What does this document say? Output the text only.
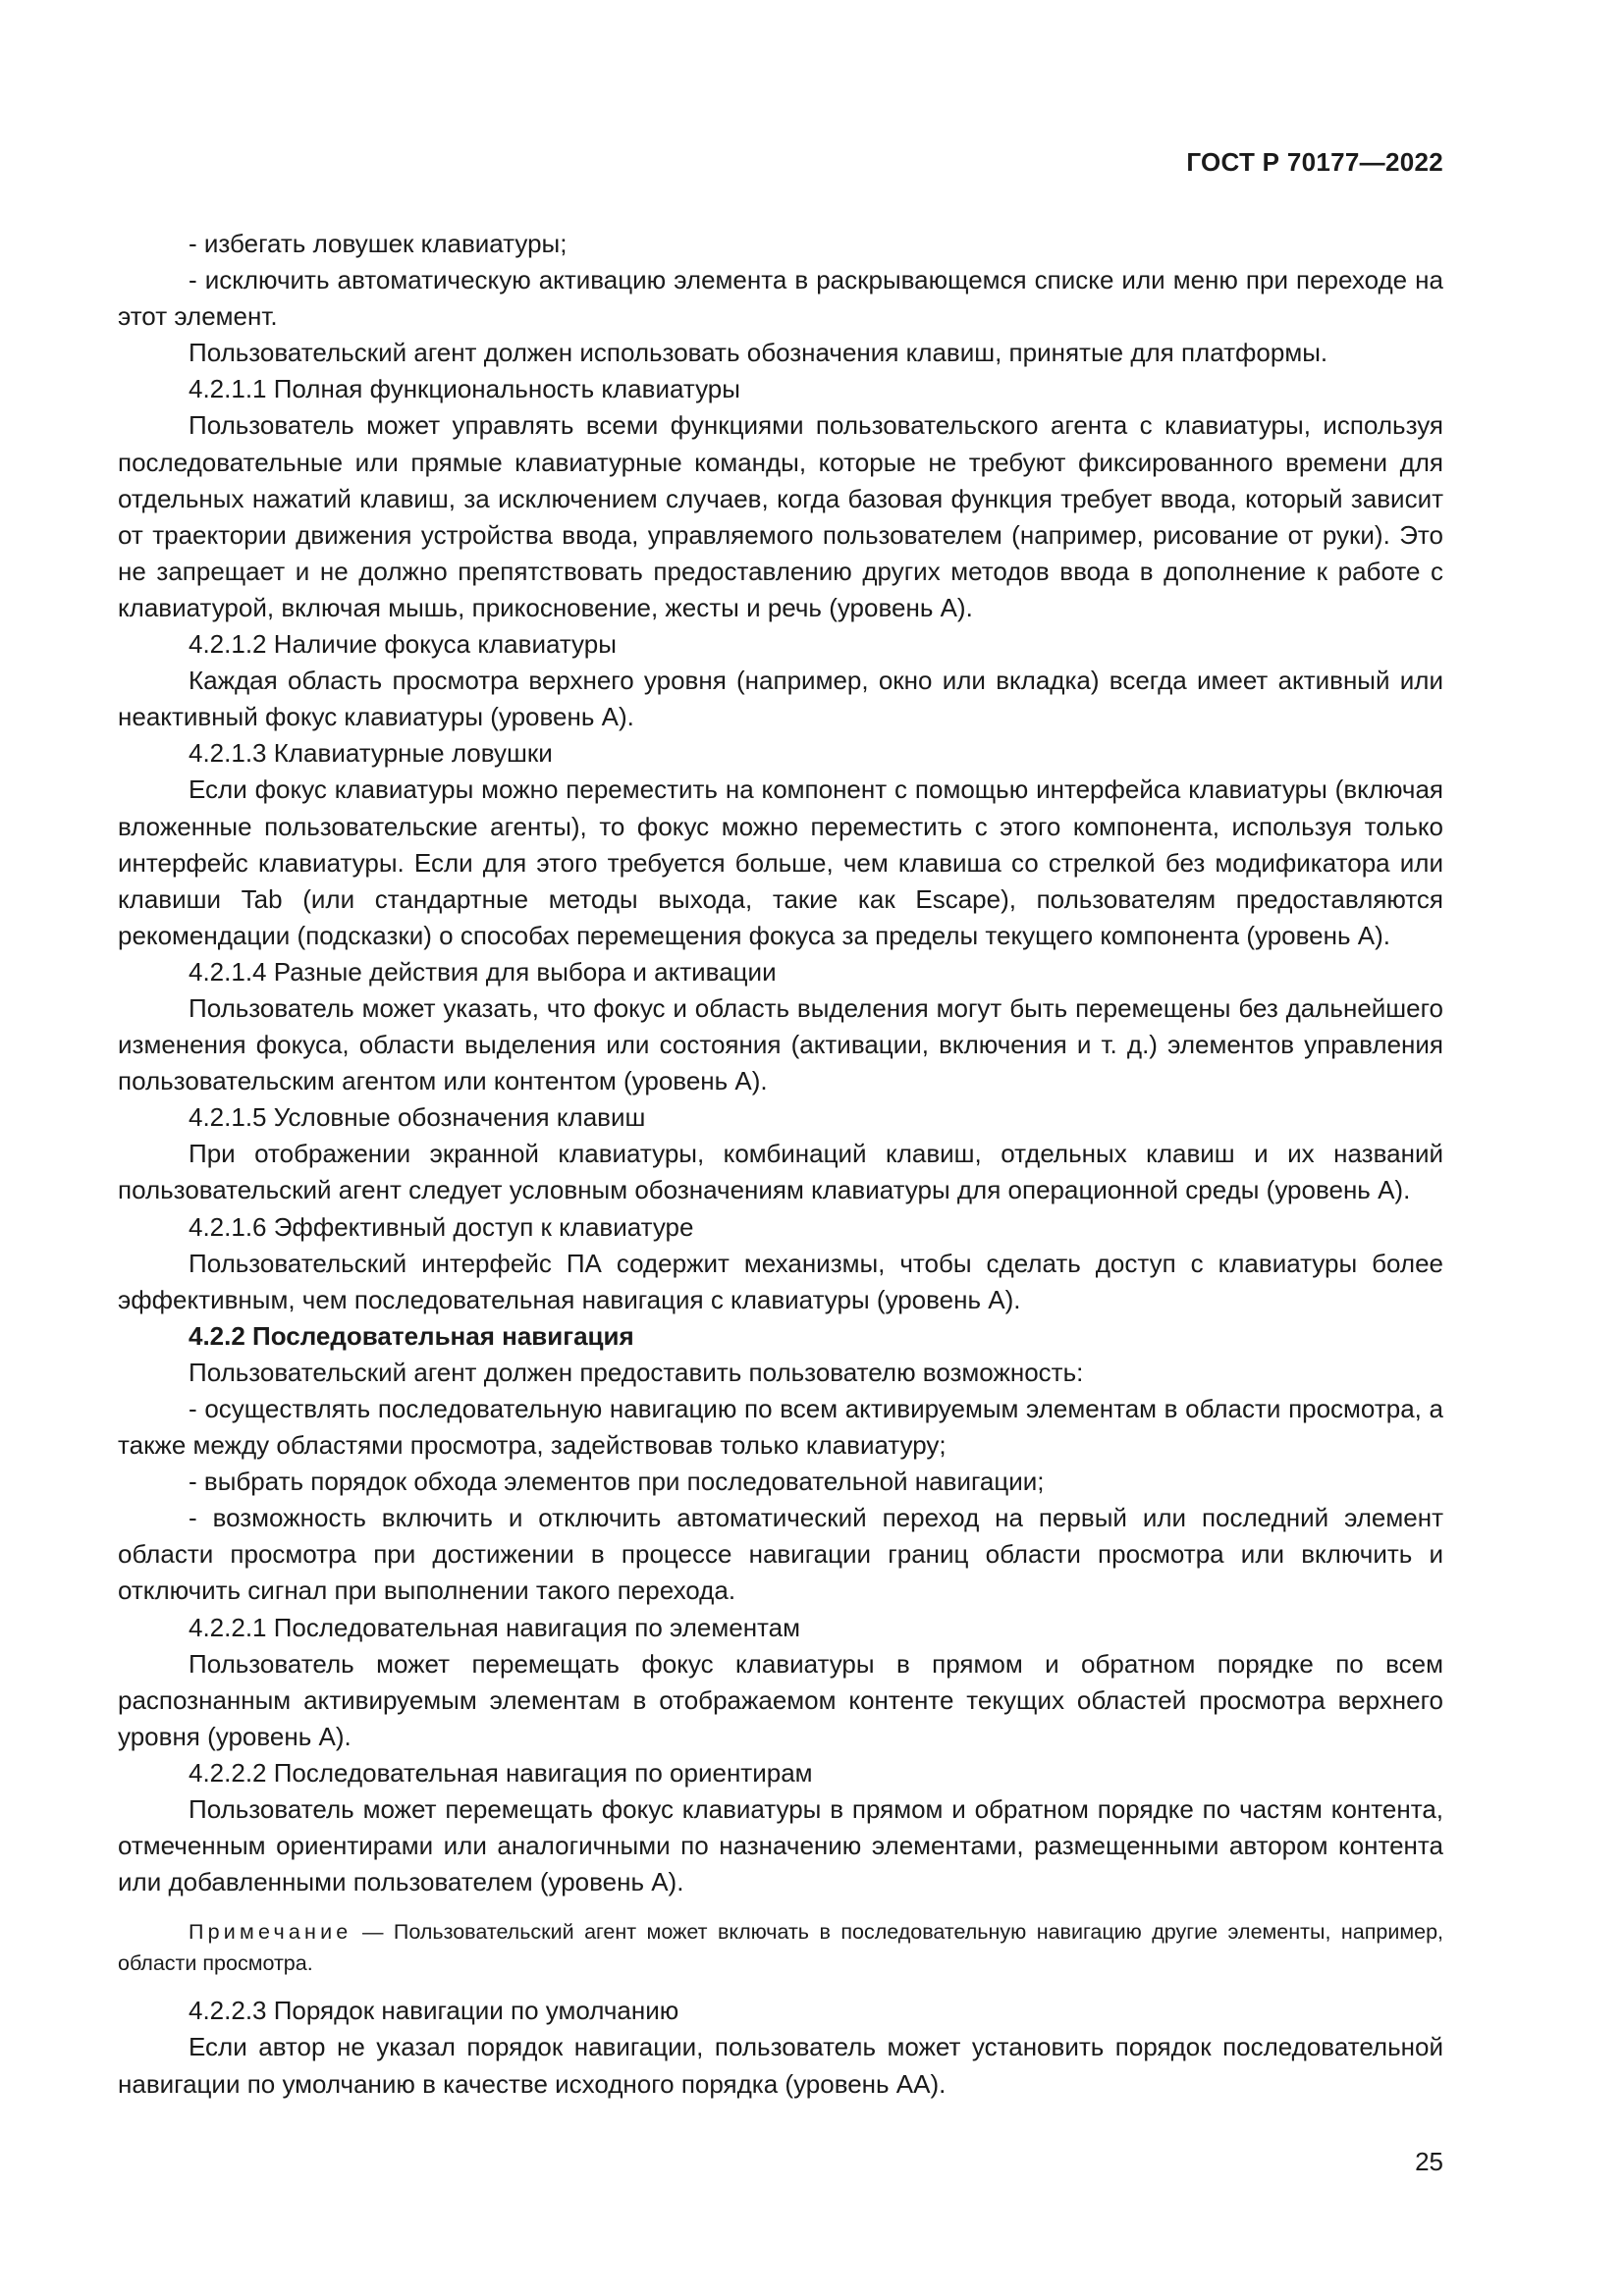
ГОСТ Р 70177—2022

- избегать ловушек клавиатуры;

- исключить автоматическую активацию элемента в раскрывающемся списке или меню при переходе на этот элемент.

Пользовательский агент должен использовать обозначения клавиш, принятые для платформы.

4.2.1.1 Полная функциональность клавиатуры

Пользователь может управлять всеми функциями пользовательского агента с клавиатуры, используя последовательные или прямые клавиатурные команды, которые не требуют фиксированного времени для отдельных нажатий клавиш, за исключением случаев, когда базовая функция требует ввода, который зависит от траектории движения устройства ввода, управляемого пользователем (например, рисование от руки). Это не запрещает и не должно препятствовать предоставлению других методов ввода в дополнение к работе с клавиатурой, включая мышь, прикосновение, жесты и речь (уровень А).

4.2.1.2 Наличие фокуса клавиатуры

Каждая область просмотра верхнего уровня (например, окно или вкладка) всегда имеет активный или неактивный фокус клавиатуры (уровень А).

4.2.1.3 Клавиатурные ловушки

Если фокус клавиатуры можно переместить на компонент с помощью интерфейса клавиатуры (включая вложенные пользовательские агенты), то фокус можно переместить с этого компонента, используя только интерфейс клавиатуры. Если для этого требуется больше, чем клавиша со стрелкой без модификатора или клавиши Tab (или стандартные методы выхода, такие как Escape), пользователям предоставляются рекомендации (подсказки) о способах перемещения фокуса за пределы текущего компонента (уровень А).

4.2.1.4 Разные действия для выбора и активации

Пользователь может указать, что фокус и область выделения могут быть перемещены без дальнейшего изменения фокуса, области выделения или состояния (активации, включения и т. д.) элементов управления пользовательским агентом или контентом (уровень А).

4.2.1.5 Условные обозначения клавиш

При отображении экранной клавиатуры, комбинаций клавиш, отдельных клавиш и их названий пользовательский агент следует условным обозначениям клавиатуры для операционной среды (уровень А).

4.2.1.6 Эффективный доступ к клавиатуре

Пользовательский интерфейс ПА содержит механизмы, чтобы сделать доступ с клавиатуры более эффективным, чем последовательная навигация с клавиатуры (уровень А).

4.2.2 Последовательная навигация

Пользовательский агент должен предоставить пользователю возможность:

- осуществлять последовательную навигацию по всем активируемым элементам в области просмотра, а также между областями просмотра, задействовав только клавиатуру;

- выбрать порядок обхода элементов при последовательной навигации;

- возможность включить и отключить автоматический переход на первый или последний элемент области просмотра при достижении в процессе навигации границ области просмотра или включить и отключить сигнал при выполнении такого перехода.

4.2.2.1 Последовательная навигация по элементам

Пользователь может перемещать фокус клавиатуры в прямом и обратном порядке по всем распознанным активируемым элементам в отображаемом контенте текущих областей просмотра верхнего уровня (уровень А).

4.2.2.2 Последовательная навигация по ориентирам

Пользователь может перемещать фокус клавиатуры в прямом и обратном порядке по частям контента, отмеченным ориентирами или аналогичными по назначению элементами, размещенными автором контента или добавленными пользователем (уровень А).

Примечание — Пользовательский агент может включать в последовательную навигацию другие элементы, например, области просмотра.

4.2.2.3 Порядок навигации по умолчанию

Если автор не указал порядок навигации, пользователь может установить порядок последовательной навигации по умолчанию в качестве исходного порядка (уровень АА).

25
